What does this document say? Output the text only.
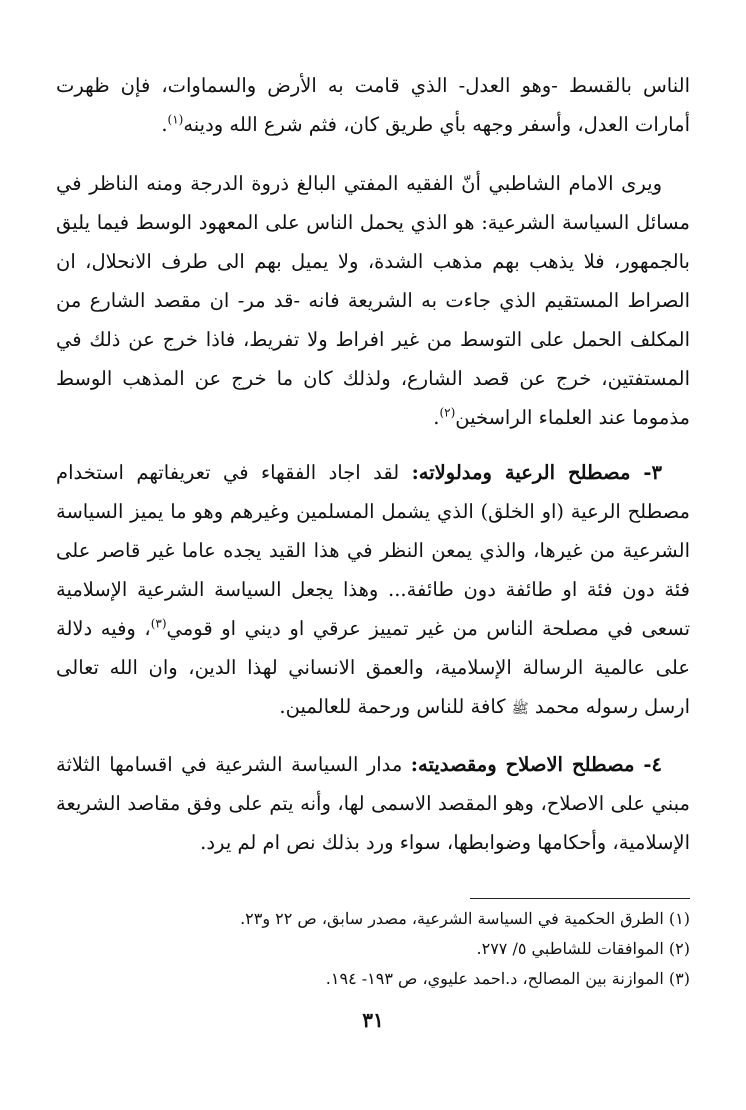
الناس بالقسط -وهو العدل- الذي قامت به الأرض والسماوات، فإن ظهرت أمارات العدل، وأسفر وجهه بأي طريق كان، فثم شرع الله ودينه$^{(١)}$.

ويرى الامام الشاطبي أنّ الفقيه المفتي البالغ ذروة الدرجة ومنه الناظر في مسائل السياسة الشرعية: هو الذي يحمل الناس على المعهود الوسط فيما يليق بالجمهور، فلا يذهب بهم مذهب الشدة، ولا يميل بهم الى طرف الانحلال، ان الصراط المستقيم الذي جاءت به الشريعة فانه -قد مر- ان مقصد الشارع من المكلف الحمل على التوسط من غير افراط ولا تفريط، فاذا خرج عن ذلك في المستفتين، خرج عن قصد الشارع، ولذلك كان ما خرج عن المذهب الوسط مذموما عند العلماء الراسخين$^{(٢)}$.

٣- مصطلح الرعية ومدلولاته: لقد اجاد الفقهاء في تعريفاتهم استخدام مصطلح الرعية (او الخلق) الذي يشمل المسلمين وغيرهم وهو ما يميز السياسة الشرعية من غيرها، والذي يمعن النظر في هذا القيد يجده عاما غير قاصر على فئة دون فئة او طائفة دون طائفة... وهذا يجعل السياسة الشرعية الإسلامية تسعى في مصلحة الناس من غير تمييز عرقي او ديني او قومي$^{(٣)}$، وفيه دلالة على عالمية الرسالة الإسلامية، والعمق الانساني لهذا الدين، وان الله تعالى ارسل رسوله محمد ﷺ كافة للناس ورحمة للعالمين.

٤- مصطلح الاصلاح ومقصديته: مدار السياسة الشرعية في اقسامها الثلاثة مبني على الاصلاح، وهو المقصد الاسمى لها، وأنه يتم على وفق مقاصد الشريعة الإسلامية، وأحكامها وضوابطها، سواء ورد بذلك نص ام لم يرد.

(١) الطرق الحكمية في السياسة الشرعية، مصدر سابق، ص ٢٢ و٢٣.
(٢) الموافقات للشاطبي ٥/ ٢٧٧.
(٣) الموازنة بين المصالح، د.احمد عليوي، ص ١٩٣- ١٩٤.
٣١
